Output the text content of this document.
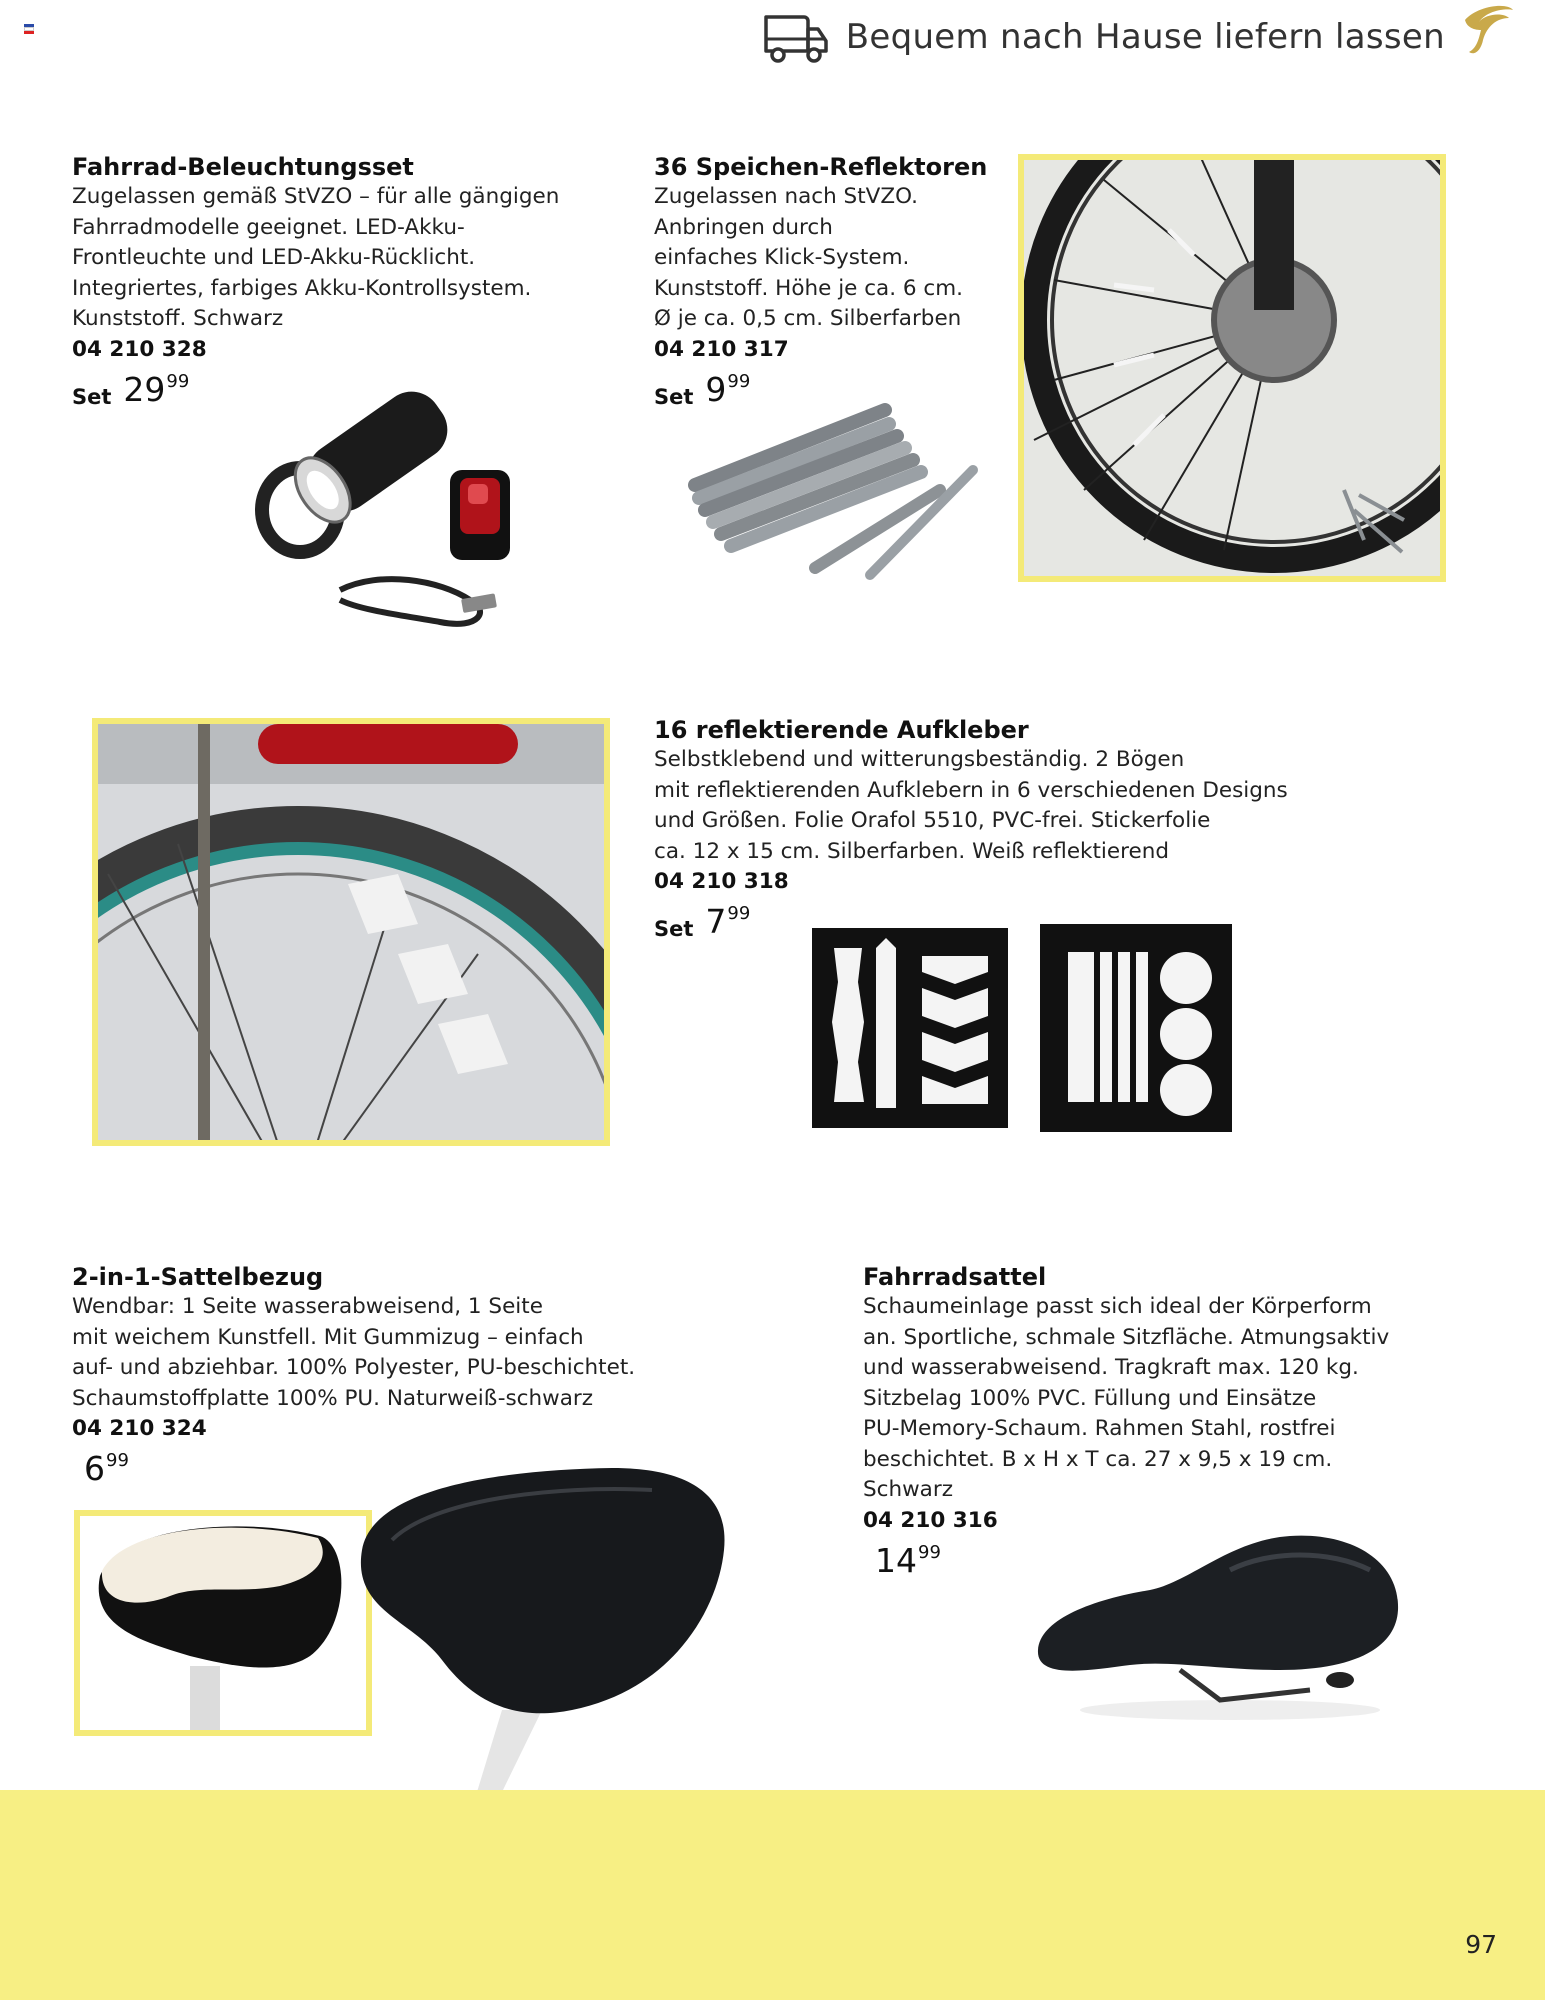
Bequem nach Hause liefern lassen
Fahrrad-Beleuchtungsset
Zugelassen gemäß StVZO – für alle gängigen
Fahrradmodelle geeignet. LED-Akku-
Frontleuchte und LED-Akku-Rücklicht.
Integriertes, farbiges Akku-Kontrollsystem.
Kunststoff. Schwarz
04 210 328
Set 29 99
36 Speichen-Reflektoren
Zugelassen nach StVZO.
Anbringen durch
einfaches Klick-System.
Kunststoff. Höhe je ca. 6 cm.
Ø je ca. 0,5 cm. Silberfarben
04 210 317
Set 9 99
16 reflektierende Aufkleber
Selbstklebend und witterungsbeständig. 2 Bögen
mit reflektierenden Aufklebern in 6 verschiedenen Designs
und Größen. Folie Orafol 5510, PVC-frei. Stickerfolie
ca. 12 x 15 cm. Silberfarben. Weiß reflektierend
04 210 318
Set 7 99
2-in-1-Sattelbezug
Wendbar: 1 Seite wasserabweisend, 1 Seite
mit weichem Kunstfell. Mit Gummizug – einfach
auf- und abziehbar. 100% Polyester, PU-beschichtet.
Schaumstoffplatte 100% PU. Naturweiß-schwarz
04 210 324
6 99
Fahrradsattel
Schaumeinlage passt sich ideal der Körperform
an. Sportliche, schmale Sitzfläche. Atmungsaktiv
und wasserabweisend. Tragkraft max. 120 kg.
Sitzbelag 100% PVC. Füllung und Einsätze
PU-Memory-Schaum. Rahmen Stahl, rostfrei
beschichtet. B x H x T ca. 27 x 9,5 x 19 cm.
Schwarz
04 210 316
14 99
97
